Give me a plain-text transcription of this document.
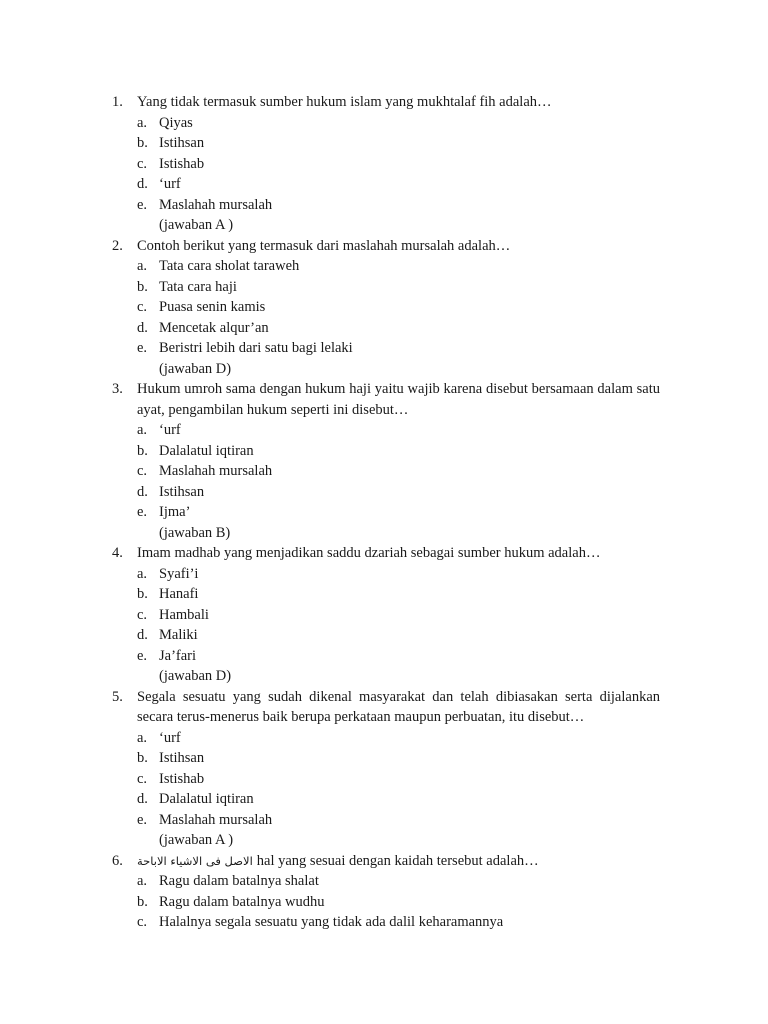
1. Yang tidak termasuk sumber hukum islam yang mukhtalaf fih adalah…
a. Qiyas
b. Istihsan
c. Istishab
d. ‘urf
e. Maslahah mursalah
(jawaban A )
2. Contoh berikut yang termasuk dari maslahah mursalah adalah…
a. Tata cara sholat taraweh
b. Tata cara haji
c. Puasa senin kamis
d. Mencetak alqur’an
e. Beristri lebih dari satu bagi lelaki
(jawaban D)
3. Hukum umroh sama dengan hukum haji yaitu wajib karena disebut bersamaan dalam satu
ayat, pengambilan hukum seperti ini disebut…
a. ‘urf
b. Dalalatul iqtiran
c. Maslahah mursalah
d. Istihsan
e. Ijma’
(jawaban B)
4. Imam madhab yang menjadikan saddu dzariah sebagai sumber hukum adalah…
a. Syafi’i
b. Hanafi
c. Hambali
d. Maliki
e. Ja’fari
(jawaban D)
5. Segala sesuatu yang sudah dikenal masyarakat dan telah dibiasakan serta dijalankan
secara terus-menerus baik berupa perkataan maupun perbuatan, itu disebut…
a. ‘urf
b. Istihsan
c. Istishab
d. Dalalatul iqtiran
e. Maslahah mursalah
(jawaban A )
6.	الاصل فى الاشياء الاباحة hal yang sesuai dengan kaidah tersebut adalah…
a. Ragu dalam batalnya shalat
b. Ragu dalam batalnya wudhu
c. Halalnya segala sesuatu yang tidak ada dalil keharamannya
